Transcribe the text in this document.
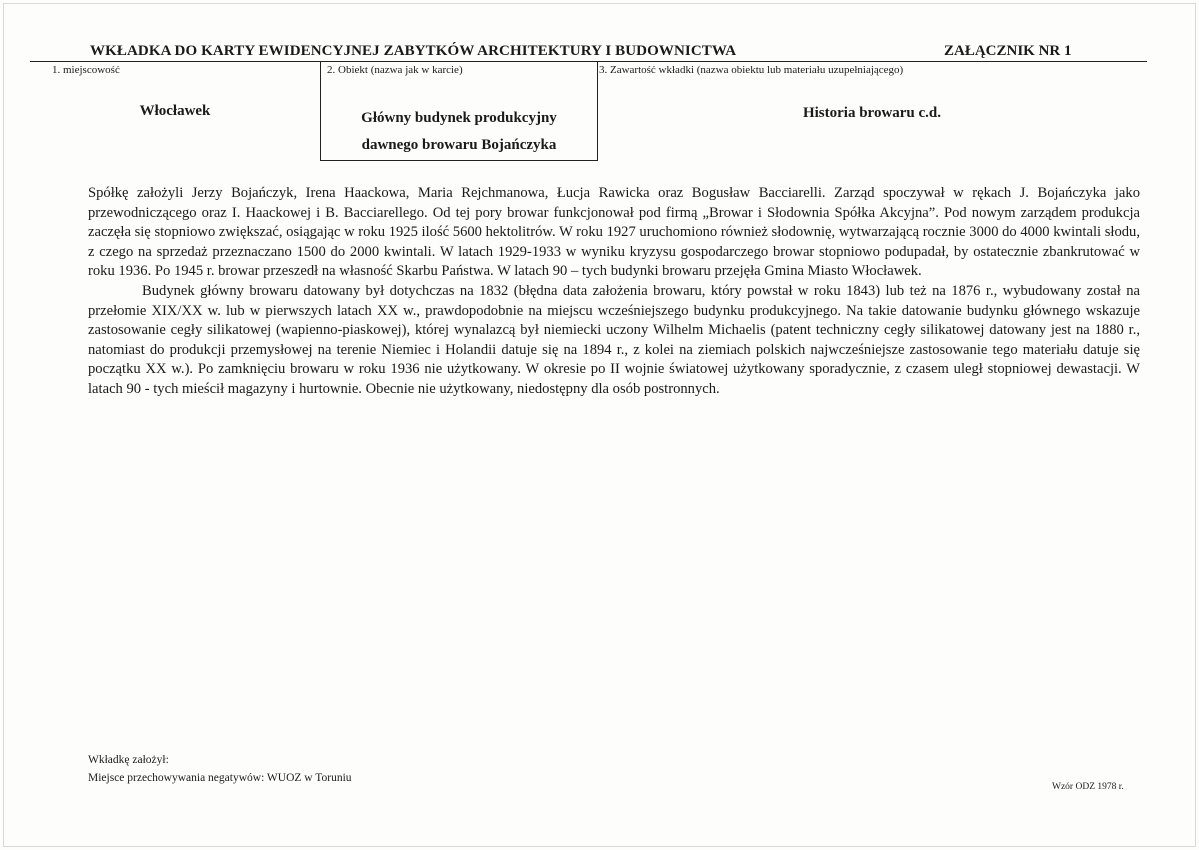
WKŁADKA DO KARTY EWIDENCYJNEJ ZABYTKÓW ARCHITEKTURY I BUDOWNICTWA	ZAŁĄCZNIK NR 1
1. miejscowość
Włocławek
2. Obiekt (nazwa jak w karcie)
Główny budynek produkcyjny
dawnego browaru Bojańczyka
3. Zawartość wkładki (nazwa obiektu lub materiału uzupełniającego)
Historia browaru c.d.

Spółkę założyli Jerzy Bojańczyk, Irena Haackowa, Maria Rejchmanowa, Łucja Rawicka oraz Bogusław Bacciarelli. Zarząd spoczywał w rękach J. Bojańczyka jako przewodniczącego oraz I. Haackowej i B. Bacciarellego. Od tej pory browar funkcjonował pod firmą „Browar i Słodownia Spółka Akcyjna”. Pod nowym zarządem produkcja zaczęła się stopniowo zwiększać, osiągając w roku 1925 ilość 5600 hektolitrów. W roku 1927 uruchomiono również słodownię, wytwarzającą rocznie 3000 do 4000 kwintali słodu, z czego na sprzedaż przeznaczano 1500 do 2000 kwintali. W latach 1929-1933 w wyniku kryzysu gospodarczego browar stopniowo podupadał, by ostatecznie zbankrutować w roku 1936. Po 1945 r. browar przeszedł na własność Skarbu Państwa. W latach 90 – tych budynki browaru przejęła Gmina Miasto Włocławek.

Budynek główny browaru datowany był dotychczas na 1832 (błędna data założenia browaru, który powstał w roku 1843) lub też na 1876 r., wybudowany został na przełomie XIX/XX w. lub w pierwszych latach XX w., prawdopodobnie na miejscu wcześniejszego budynku produkcyjnego. Na takie datowanie budynku głównego wskazuje zastosowanie cegły silikatowej (wapienno-piaskowej), której wynalazcą był niemiecki uczony Wilhelm Michaelis (patent techniczny cegły silikatowej datowany jest na 1880 r., natomiast do produkcji przemysłowej na terenie Niemiec i Holandii datuje się na 1894 r., z kolei na ziemiach polskich najwcześniejsze zastosowanie tego materiału datuje się początku XX w.). Po zamknięciu browaru w roku 1936 nie użytkowany. W okresie po II wojnie światowej użytkowany sporadycznie, z czasem uległ stopniowej dewastacji. W latach 90 - tych mieścił magazyny i hurtownie. Obecnie nie użytkowany, niedostępny dla osób postronnych.

Wkładkę założył:
Miejsce przechowywania negatywów: WUOZ w Toruniu
Wzór ODZ 1978 r.
